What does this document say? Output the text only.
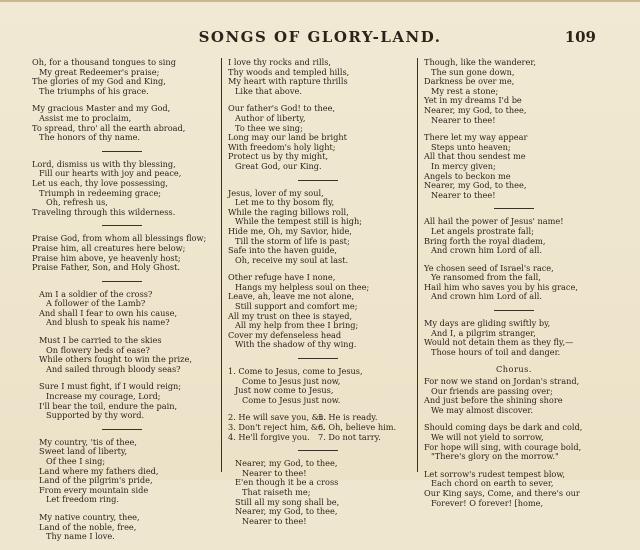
SONGS OF GLORY-LAND.	109
Oh, for a thousand tongues to sing
My great Redeemer's praise;
The glories of my God and King,
The triumphs of his grace.
My gracious Master and my God,
Assist me to proclaim,
To spread, thro' all the earth abroad,
The honors of thy name.
Lord, dismiss us with thy blessing,
Fill our hearts with joy and peace,
Let us each, thy love possessing,
Triumph in redeeming grace;
Oh, refresh us,
Traveling through this wilderness.
Praise God, from whom all blessings flow;
Praise him, all creatures here below;
Praise him above, ye heavenly host;
Praise Father, Son, and Holy Ghost.
Am I a soldier of the cross?
A follower of the Lamb?
And shall I fear to own his cause,
And blush to speak his name?
Must I be carried to the skies
On flowery beds of ease?
While others fought to win the prize,
And sailed through bloody seas?
Sure I must fight, if I would reign;
Increase my courage, Lord;
I'll bear the toil, endure the pain,
Supported by thy word.
My country, 'tis of thee,
Sweet land of liberty,
Of thee I sing;
Land where my fathers died,
Land of the pilgrim's pride,
From every mountain side
Let freedom ring.
My native country, thee,
Land of the noble, free,
Thy name I love.
I love thy rocks and rills,
Thy woods and templed hills,
My heart with rapture thrills
Like that above.
Our father's God! to thee,
Author of liberty,
To thee we sing;
Long may our land be bright
With freedom's holy light;
Protect us by thy might,
Great God, our King.
Jesus, lover of my soul,
Let me to thy bosom fly,
While the raging billows roll,
While the tempest still is high;
Hide me, Oh, my Savior, hide,
Till the storm of life is past;
Safe into the haven guide,
Oh, receive my soul at last.
Other refuge have I none,
Hangs my helpless soul on thee;
Leave, ah, leave me not alone,
Still support and comfort me;
All my trust on thee is stayed,
All my help from thee I bring;
Cover my defenseless head
With the shadow of thy wing.
1. Come to Jesus, come to Jesus,
Come to Jesus just now,
Just now come to Jesus,
Come to Jesus just now.
2. He will save you, &c.
5. He is ready.
3. Don't reject him, &c.
6. Oh, believe him.
4. He'll forgive you.	7. Do not tarry.
Nearer, my God, to thee,
Nearer to thee!
E'en though it be a cross
That raiseth me;
Still all my song shall be,
Nearer, my God, to thee,
Nearer to thee!
Though, like the wanderer,
The sun gone down,
Darkness be over me,
My rest a stone;
Yet in my dreams I'd be
Nearer, my God, to thee,
Nearer to thee!
There let my way appear
Steps unto heaven;
All that thou sendest me
In mercy given;
Angels to beckon me
Nearer, my God, to thee,
Nearer to thee!
All hail the power of Jesus' name!
Let angels prostrate fall;
Bring forth the royal diadem,
And crown him Lord of all.
Ye chosen seed of Israel's race,
Ye ransomed from the fall,
Hail him who saves you by his grace,
And crown him Lord of all.
My days are gliding swiftly by,
And I, a pilgrim stranger,
Would not detain them as they fly,—
Those hours of toil and danger.
Chorus.
For now we stand on Jordan's strand,
Our friends are passing over;
And just before the shining shore
We may almost discover.
Should coming days be dark and cold,
We will not yield to sorrow,
For hope will sing, with courage bold,
"There's glory on the morrow."
Let sorrow's rudest tempest blow,
Each chord on earth to sever,
Our King says, Come, and there's our
Forever! O forever! [home,
